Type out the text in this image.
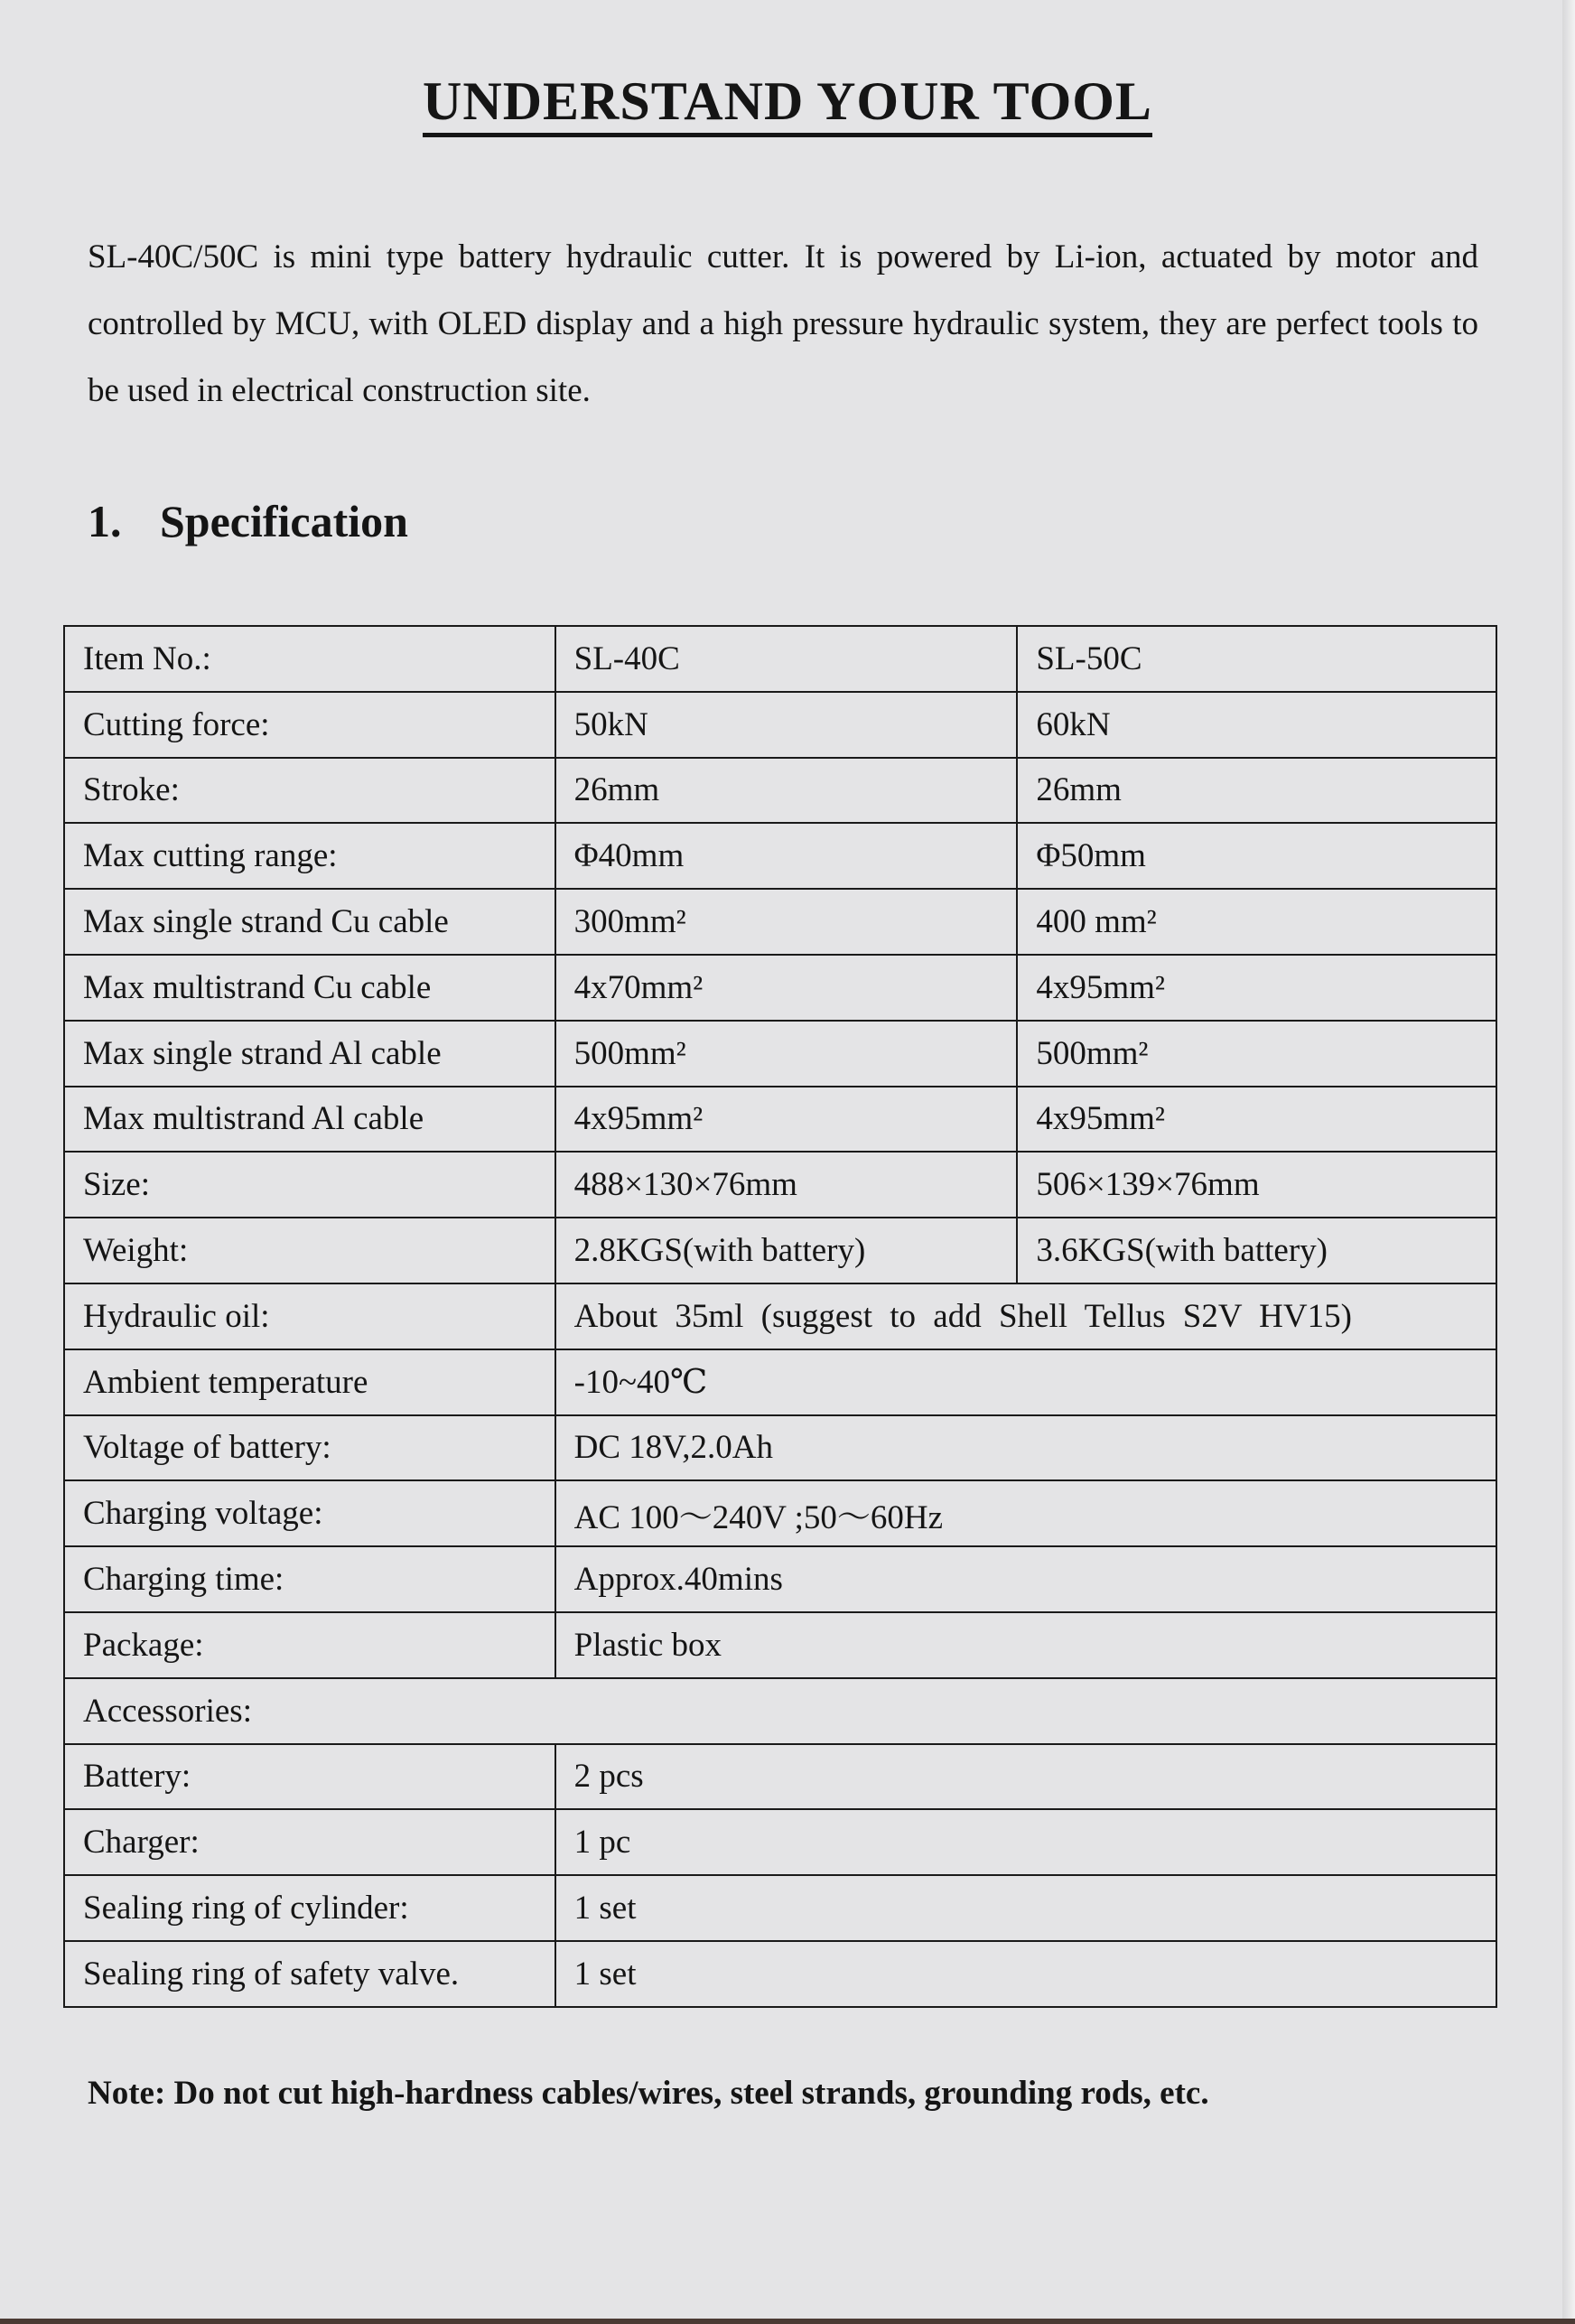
UNDERSTAND YOUR TOOL
SL-40C/50C is mini type battery hydraulic cutter. It is powered by Li-ion, actuated by motor and controlled by MCU, with OLED display and a high pressure hydraulic system, they are perfect tools to be used in electrical construction site.
1. Specification
Item No.:	SL-40C	SL-50C
Cutting force:	50kN	60kN
Stroke:	26mm	26mm
Max cutting range:	Φ40mm	Φ50mm
Max single strand Cu cable	300mm²	400 mm²
Max multistrand Cu cable	4x70mm²	4x95mm²
Max single strand Al cable	500mm²	500mm²
Max multistrand Al cable	4x95mm²	4x95mm²
Size:	488×130×76mm	506×139×76mm
Weight:	2.8KGS(with battery)	3.6KGS(with battery)
Hydraulic oil:	About 35ml (suggest to add Shell Tellus S2V HV15)	
Ambient temperature	-10~40℃	
Voltage of battery:	DC 18V,2.0Ah	
Charging voltage:	AC 100～240V ;50～60Hz	
Charging time:	Approx.40mins	
Package:	Plastic box	
Accessories:		
Battery:	2 pcs	
Charger:	1 pc	
Sealing ring of cylinder:	1 set	
Sealing ring of safety valve.	1 set	
Note: Do not cut high-hardness cables/wires, steel strands, grounding rods, etc.
